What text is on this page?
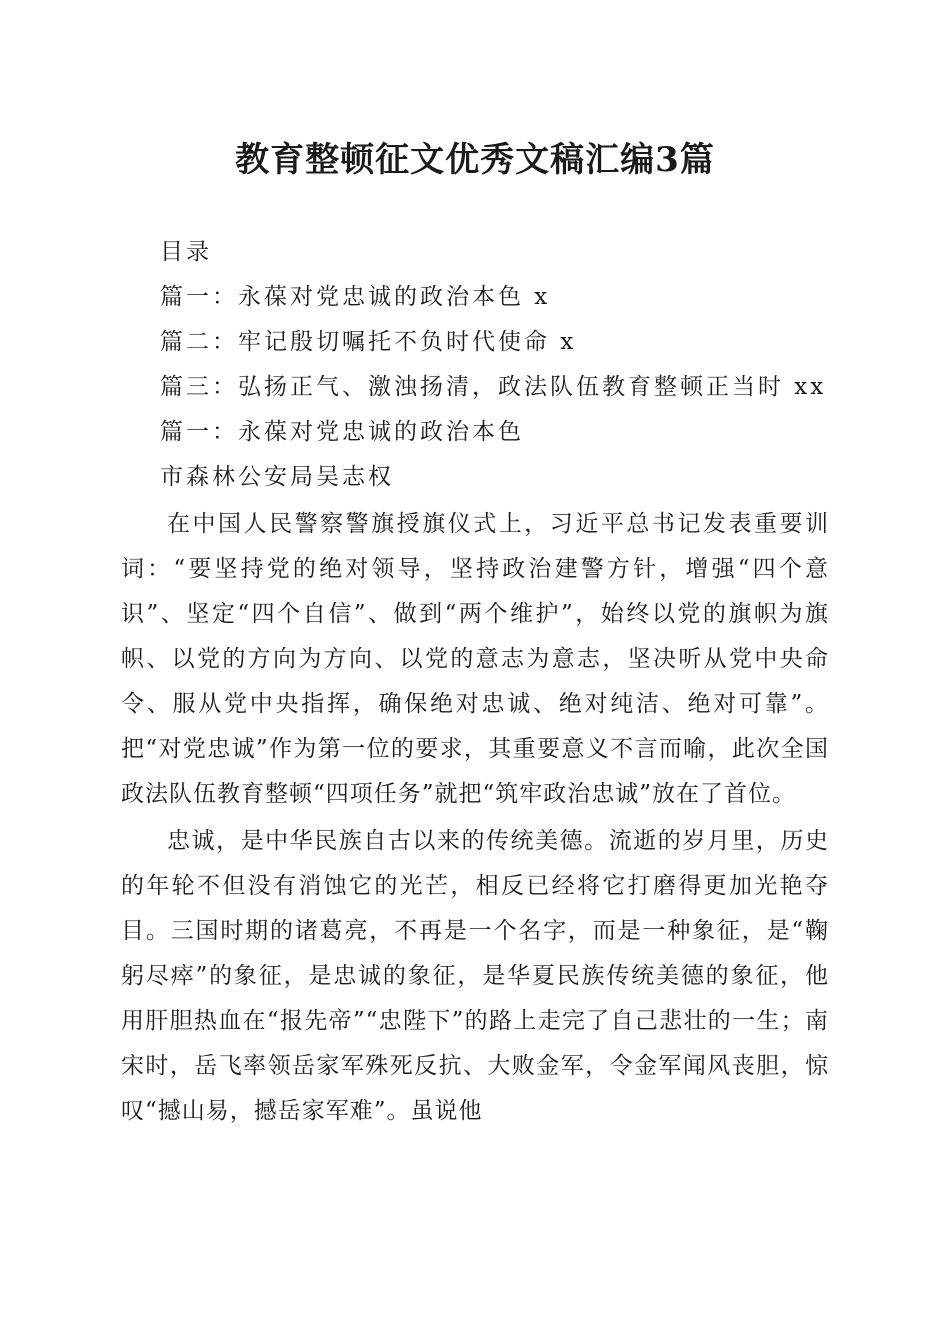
教育整顿征文优秀文稿汇编3篇
目录
篇一：永葆对党忠诚的政治本色 x
篇二：牢记殷切嘱托不负时代使命 x
篇三：弘扬正气、激浊扬清，政法队伍教育整顿正当时 xx
篇一：永葆对党忠诚的政治本色
市森林公安局吴志权

在中国人民警察警旗授旗仪式上，习近平总书记发表重要训词：“要坚持党的绝对领导，坚持政治建警方针，增强“四个意识”、坚定“四个自信”、做到“两个维护”，始终以党的旗帜为旗帜、以党的方向为方向、以党的意志为意志，坚决听从党中央命令、服从党中央指挥，确保绝对忠诚、绝对纯洁、绝对可靠”。把“对党忠诚”作为第一位的要求，其重要意义不言而喻，此次全国政法队伍教育整顿“四项任务”就把“筑牢政治忠诚”放在了首位。

忠诚，是中华民族自古以来的传统美德。流逝的岁月里，历史的年轮不但没有消蚀它的光芒，相反已经将它打磨得更加光艳夺目。三国时期的诸葛亮，不再是一个名字，而是一种象征，是“鞠躬尽瘁”的象征，是忠诚的象征，是华夏民族传统美德的象征，他用肝胆热血在“报先帝”“忠陛下”的路上走完了自己悲壮的一生；南宋时，岳飞率领岳家军殊死反抗、大败金军，令金军闻风丧胆，惊叹“撼山易，撼岳家军难”。虽说他
